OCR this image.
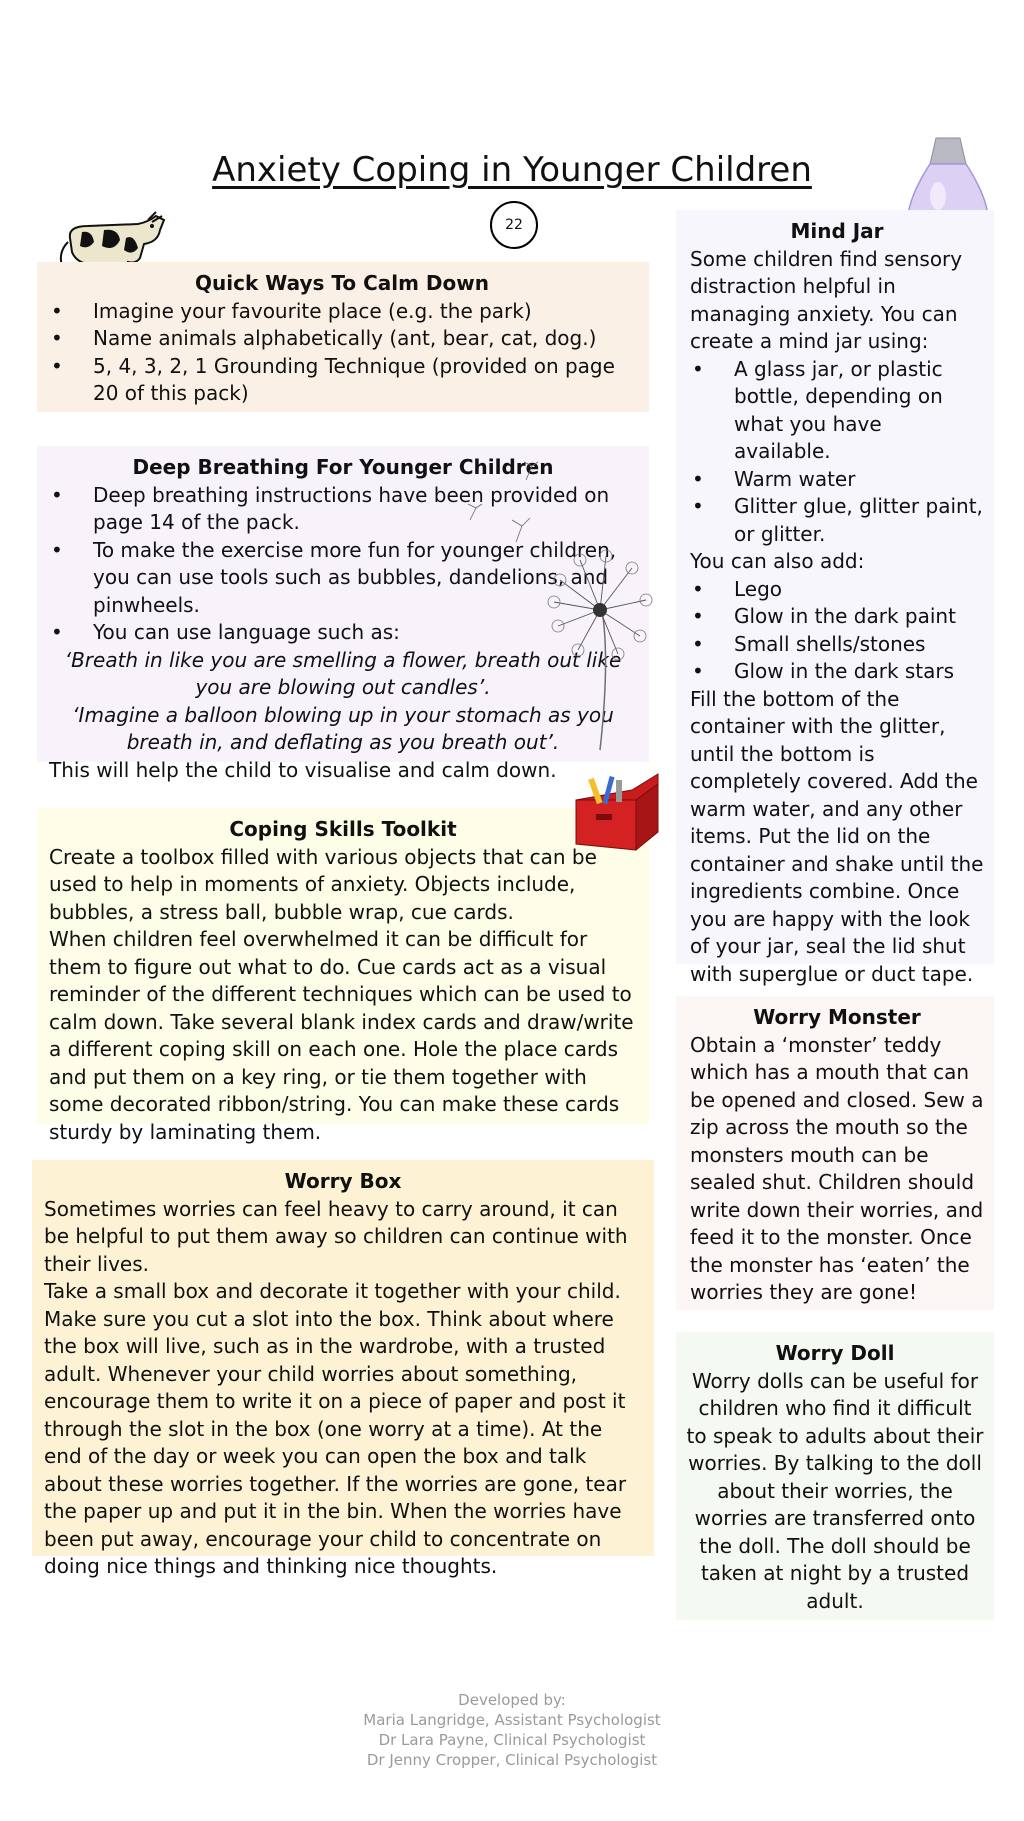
Anxiety Coping in Younger Children
22
Quick Ways To Calm Down
• Imagine your favourite place (e.g. the park)
• Name animals alphabetically (ant, bear, cat, dog.)
• 5, 4, 3, 2, 1 Grounding Technique (provided on page 20 of this pack)
Deep Breathing For Younger Children
• Deep breathing instructions have been provided on page 14 of the pack.
• To make the exercise more fun for younger children, you can use tools such as bubbles, dandelions, and pinwheels.
• You can use language such as:

‘Breath in like you are smelling a flower, breath out like you are blowing out candles’.

‘Imagine a balloon blowing up in your stomach as you breath in, and deflating as you breath out’.

This will help the child to visualise and calm down.

Coping Skills Toolkit

Create a toolbox filled with various objects that can be used to help in moments of anxiety. Objects include, bubbles, a stress ball, bubble wrap, cue cards.

When children feel overwhelmed it can be difficult for them to figure out what to do. Cue cards act as a visual reminder of the different techniques which can be used to calm down. Take several blank index cards and draw/write a different coping skill on each one. Hole the place cards and put them on a key ring, or tie them together with some decorated ribbon/string. You can make these cards sturdy by laminating them.

Worry Box

Sometimes worries can feel heavy to carry around, it can be helpful to put them away so children can continue with their lives.

Take a small box and decorate it together with your child. Make sure you cut a slot into the box. Think about where the box will live, such as in the wardrobe, with a trusted adult. Whenever your child worries about something, encourage them to write it on a piece of paper and post it through the slot in the box (one worry at a time). At the end of the day or week you can open the box and talk about these worries together. If the worries are gone, tear the paper up and put it in the bin. When the worries have been put away, encourage your child to concentrate on doing nice things and thinking nice thoughts.

Mind Jar

Some children find sensory distraction helpful in managing anxiety. You can create a mind jar using:

• A glass jar, or plastic bottle, depending on what you have available.
• Warm water
• Glitter glue, glitter paint, or glitter.

You can also add:

• Lego
• Glow in the dark paint
• Small shells/stones
• Glow in the dark stars

Fill the bottom of the container with the glitter, until the bottom is completely covered. Add the warm water, and any other items. Put the lid on the container and shake until the ingredients combine. Once you are happy with the look of your jar, seal the lid shut with superglue or duct tape.

Worry Monster

Obtain a ‘monster’ teddy which has a mouth that can be opened and closed. Sew a zip across the mouth so the monsters mouth can be sealed shut. Children should write down their worries, and feed it to the monster. Once the monster has ‘eaten’ the worries they are gone!

Worry Doll

Worry dolls can be useful for children who find it difficult to speak to adults about their worries. By talking to the doll about their worries, the worries are transferred onto the doll. The doll should be taken at night by a trusted adult.

Developed by:
Maria Langridge, Assistant Psychologist
Dr Lara Payne, Clinical Psychologist
Dr Jenny Cropper, Clinical Psychologist
